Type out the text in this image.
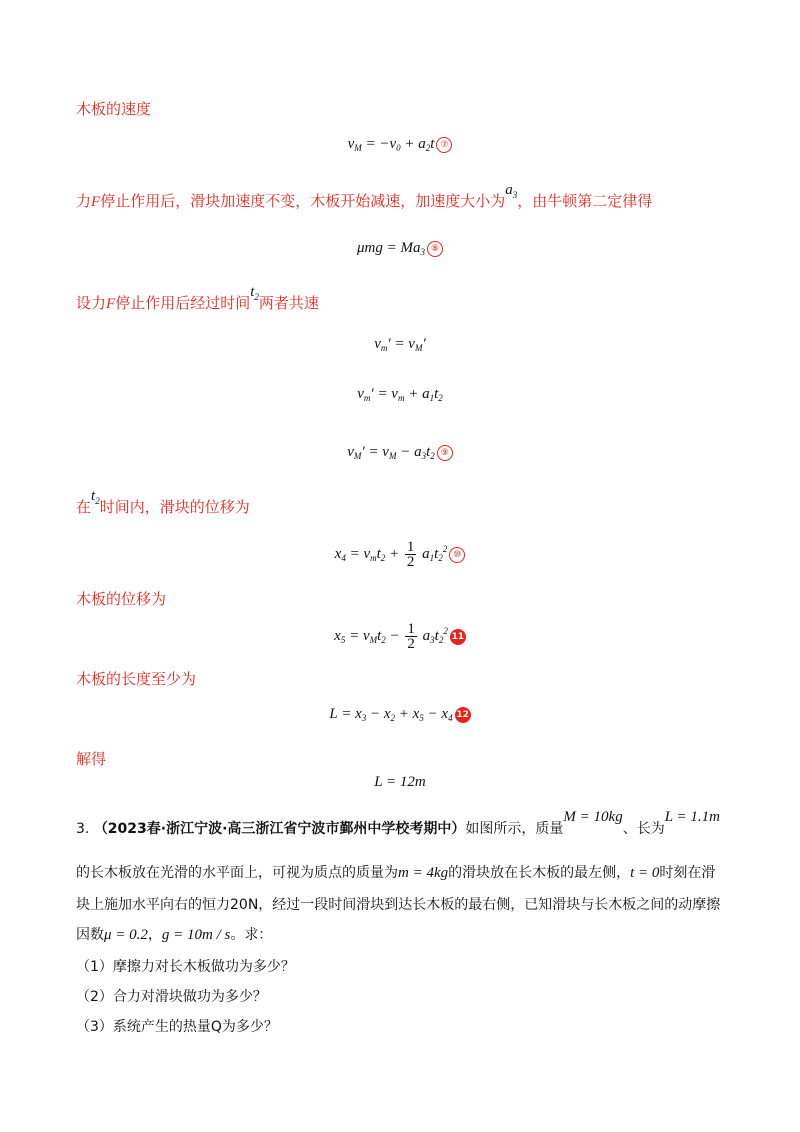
木板的速度
$v_M = -v_0 + a_2t$ ⑦
力F停止作用后，滑块加速度不变，木板开始减速，加速度大小为$a_3$，由牛顿第二定律得
$\mu mg = Ma_3$ ⑧
设力F停止作用后经过时间$t_2$两者共速
$v_m' = v_M'$
$v_m' = v_m + a_1t_2$
$v_M' = v_M - a_3t_2$ ⑨
在$t_2$时间内，滑块的位移为
$x_4 = v_mt_2 + \frac{1}{2}$ $a_1t_2^2⑩$
木板的位移为
$x_5 = v_Mt_2 - \frac{1}{2} a_3t_2^211$
木板的长度至少为
$L = x_3 - x_2 + x_5 - x_4$ 12
解得
L = 12m
3. （2023春·浙江宁波·高三浙江省宁波市鄞州中学校考期中）如图所示，质量M = 10kg、长为L = 1.1m
的长木板放在光滑的水平面上，可视为质点的质量为m = 4kg的滑块放在长木板的最左侧，t = 0时刻在滑
块上施加水平向右的恒力20N，经过一段时间滑块到达长木板的最右侧，已知滑块与长木板之间的动摩擦
因数μ = 0.2，g = 10m / s。求：
（1）摩擦力对长木板做功为多少？
（2）合力对滑块做功为多少？
（3）系统产生的热量Q为多少？
